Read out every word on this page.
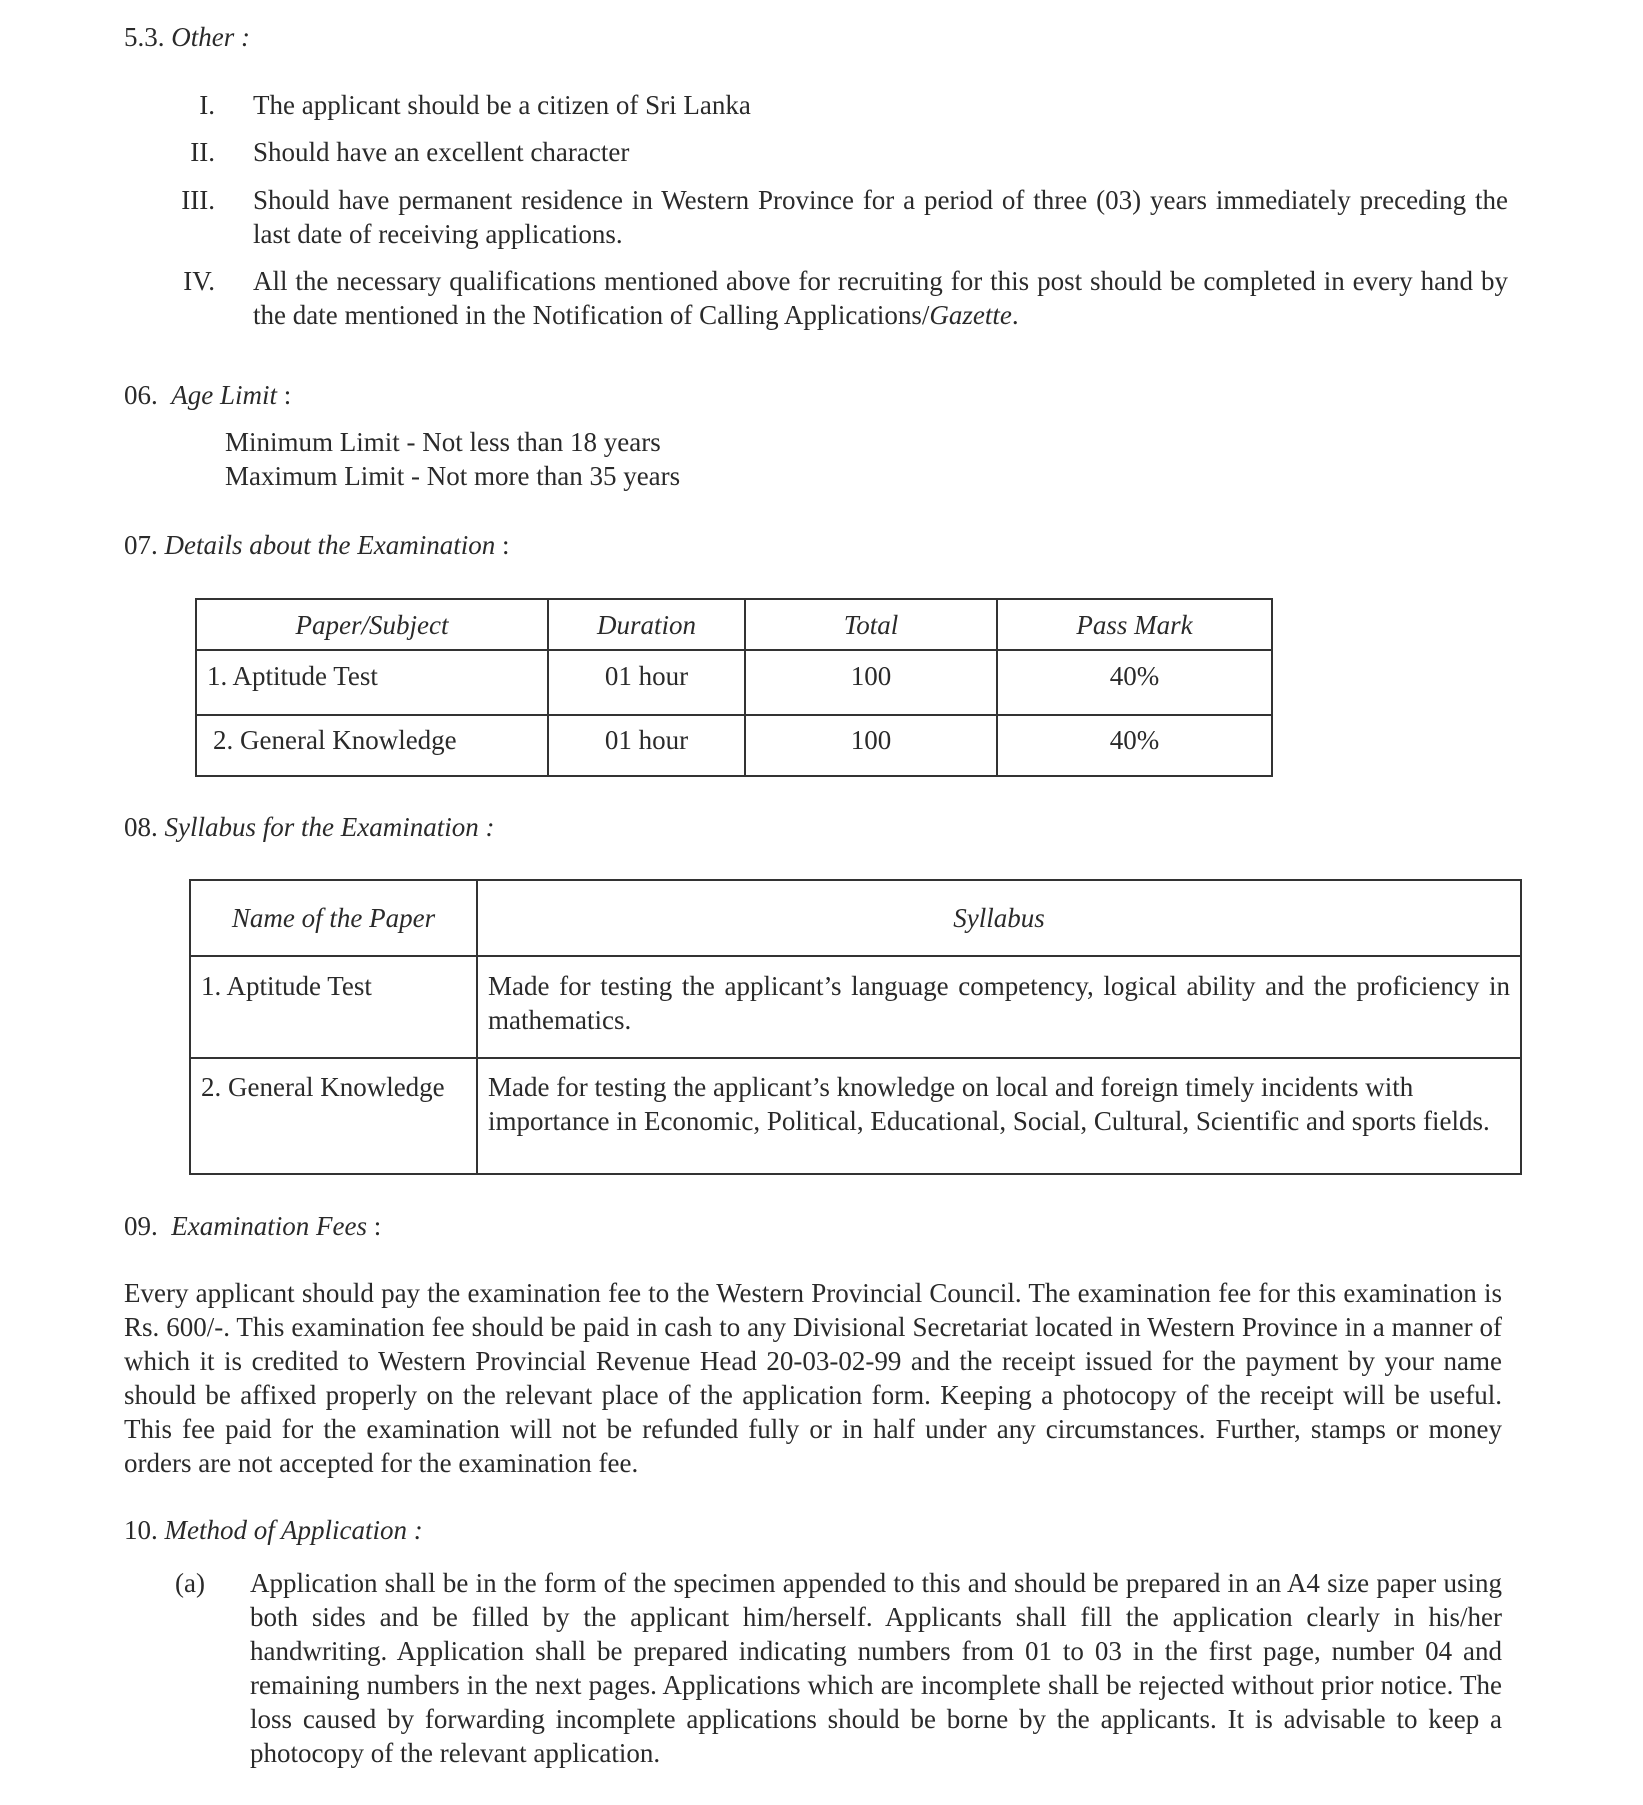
5.3. Other :
I. The applicant should be a citizen of Sri Lanka
II. Should have an excellent character
III. Should have permanent residence in Western Province for a period of three (03) years immediately preceding the last date of receiving applications.
IV. All the necessary qualifications mentioned above for recruiting for this post should be completed in every hand by the date mentioned in the Notification of Calling Applications/Gazette.
06. Age Limit :
Minimum Limit - Not less than 18 years
Maximum Limit - Not more than 35 years
07. Details about the Examination :
Paper/Subject	Duration	Total	Pass Mark
1. Aptitude Test	01 hour	100	40%
2. General Knowledge	01 hour	100	40%
08. Syllabus for the Examination :
Name of the Paper	Syllabus
1. Aptitude Test	Made for testing the applicant’s language competency, logical ability and the proficiency in mathematics.
2. General Knowledge	Made for testing the applicant’s knowledge on local and foreign timely incidents with importance in Economic, Political, Educational, Social, Cultural, Scientific and sports fields.
09. Examination Fees :
Every applicant should pay the examination fee to the Western Provincial Council. The examination fee for this examination is Rs. 600/-. This examination fee should be paid in cash to any Divisional Secretariat located in Western Province in a manner of which it is credited to Western Provincial Revenue Head 20-03-02-99 and the receipt issued for the payment by your name should be affixed properly on the relevant place of the application form. Keeping a photocopy of the receipt will be useful. This fee paid for the examination will not be refunded fully or in half under any circumstances. Further, stamps or money orders are not accepted for the examination fee.
10. Method of Application :
(a) Application shall be in the form of the specimen appended to this and should be prepared in an A4 size paper using both sides and be filled by the applicant him/herself. Applicants shall fill the application clearly in his/her handwriting. Application shall be prepared indicating numbers from 01 to 03 in the first page, number 04 and remaining numbers in the next pages. Applications which are incomplete shall be rejected without prior notice. The loss caused by forwarding incomplete applications should be borne by the applicants. It is advisable to keep a photocopy of the relevant application.
